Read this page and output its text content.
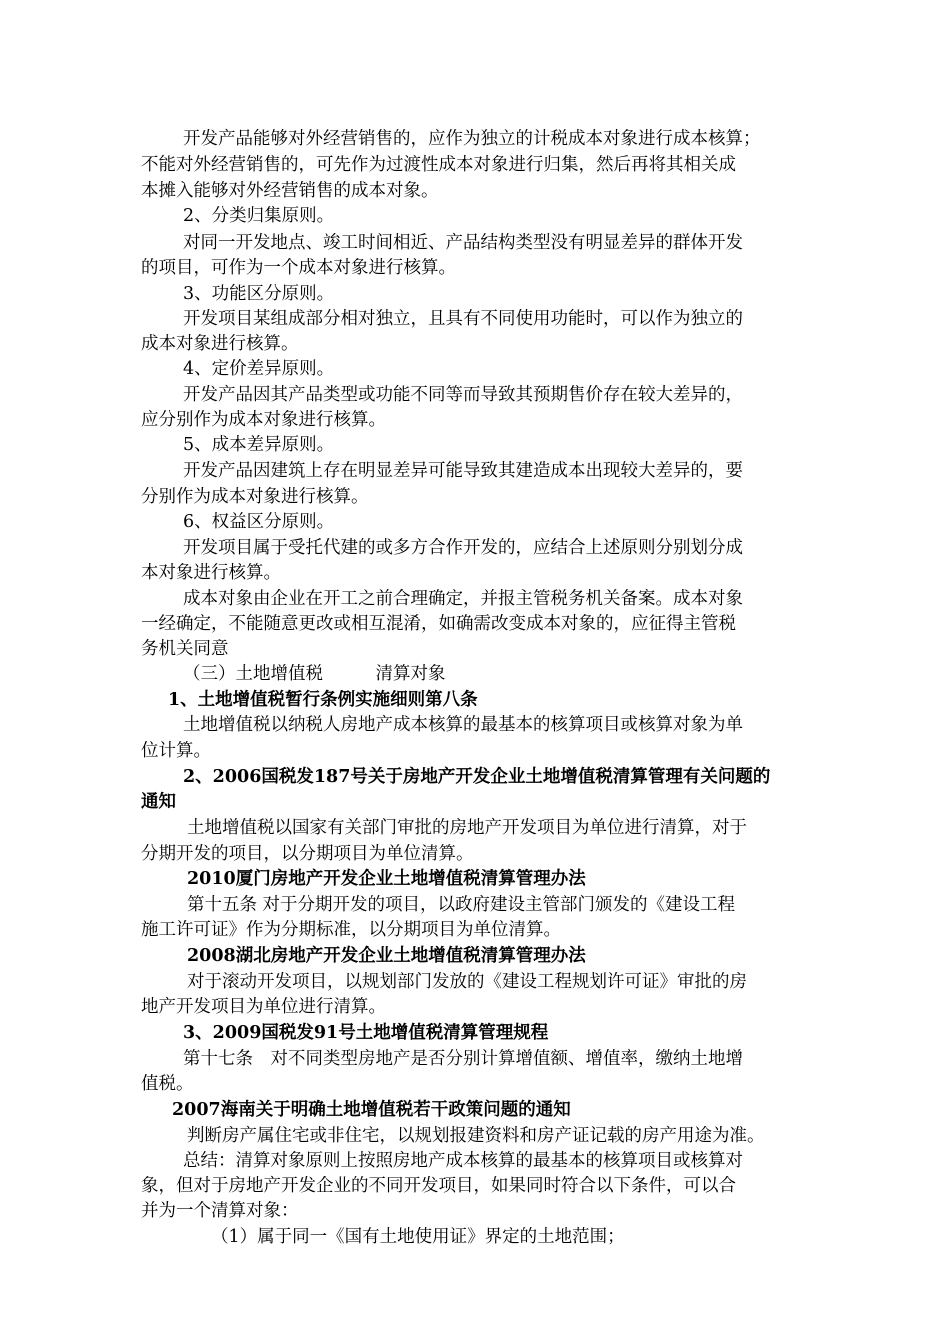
开发产品能够对外经营销售的，应作为独立的计税成本对象进行成本核算；
不能对外经营销售的，可先作为过渡性成本对象进行归集，然后再将其相关成
本摊入能够对外经营销售的成本对象。
2、分类归集原则。
对同一开发地点、竣工时间相近、产品结构类型没有明显差异的群体开发
的项目，可作为一个成本对象进行核算。
3、功能区分原则。
开发项目某组成部分相对独立，且具有不同使用功能时，可以作为独立的
成本对象进行核算。
4、定价差异原则。
开发产品因其产品类型或功能不同等而导致其预期售价存在较大差异的，
应分别作为成本对象进行核算。
5、成本差异原则。
开发产品因建筑上存在明显差异可能导致其建造成本出现较大差异的，要
分别作为成本对象进行核算。
6、权益区分原则。
开发项目属于受托代建的或多方合作开发的，应结合上述原则分别划分成
本对象进行核算。
成本对象由企业在开工之前合理确定，并报主管税务机关备案。成本对象
一经确定，不能随意更改或相互混淆，如确需改变成本对象的，应征得主管税
务机关同意
（三）土地增值税　　　清算对象
1、土地增值税暂行条例实施细则第八条
土地增值税以纳税人房地产成本核算的最基本的核算项目或核算对象为单
位计算。
2、2006国税发187号关于房地产开发企业土地增值税清算管理有关问题的
通知
土地增值税以国家有关部门审批的房地产开发项目为单位进行清算，对于
分期开发的项目，以分期项目为单位清算。
2010厦门房地产开发企业土地增值税清算管理办法
第十五条 对于分期开发的项目，以政府建设主管部门颁发的《建设工程
施工许可证》作为分期标准，以分期项目为单位清算。
2008湖北房地产开发企业土地增值税清算管理办法
对于滚动开发项目，以规划部门发放的《建设工程规划许可证》审批的房
地产开发项目为单位进行清算。
3、2009国税发91号土地增值税清算管理规程
第十七条　对不同类型房地产是否分别计算增值额、增值率，缴纳土地增
值税。
2007海南关于明确土地增值税若干政策问题的通知
判断房产属住宅或非住宅，以规划报建资料和房产证记载的房产用途为准。
总结：清算对象原则上按照房地产成本核算的最基本的核算项目或核算对
象，但对于房地产开发企业的不同开发项目，如果同时符合以下条件，可以合
并为一个清算对象：
（1）属于同一《国有土地使用证》界定的土地范围；
